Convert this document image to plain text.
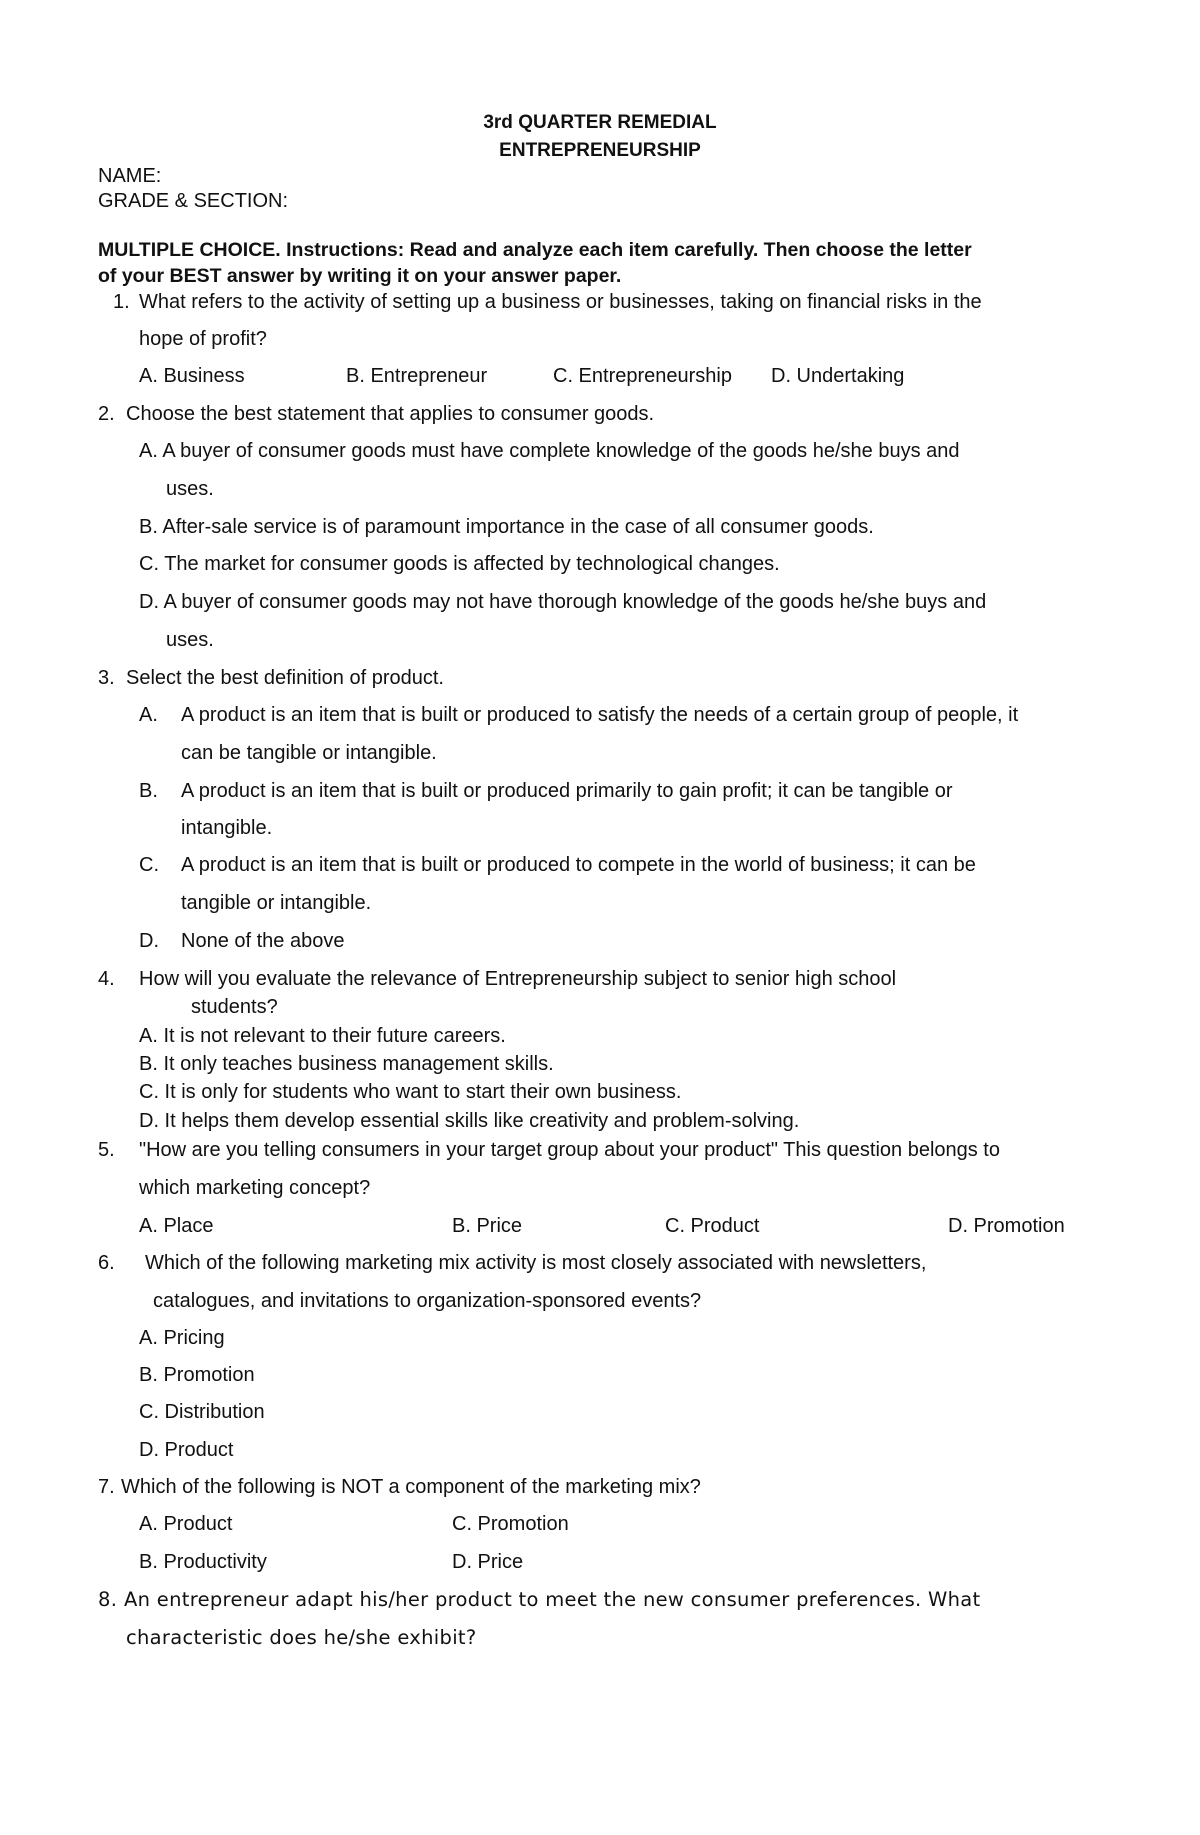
3rd QUARTER REMEDIAL
ENTREPRENEURSHIP
NAME:
GRADE & SECTION:
MULTIPLE CHOICE. Instructions: Read and analyze each item carefully. Then choose the letter
of your BEST answer by writing it on your answer paper.
1. What refers to the activity of setting up a business or businesses, taking on financial risks in the
hope of profit?
A. Business	B. Entrepreneur	C. Entrepreneurship D. Undertaking
2. Choose the best statement that applies to consumer goods.
A. A buyer of consumer goods must have complete knowledge of the goods he/she buys and
uses.
B. After-sale service is of paramount importance in the case of all consumer goods.
C. The market for consumer goods is affected by technological changes.
D. A buyer of consumer goods may not have thorough knowledge of the goods he/she buys and
uses.
3. Select the best definition of product.
A. A product is an item that is built or produced to satisfy the needs of a certain group of people, it
can be tangible or intangible.
B. A product is an item that is built or produced primarily to gain profit; it can be tangible or
intangible.
C. A product is an item that is built or produced to compete in the world of business; it can be
tangible or intangible.
D. None of the above
4. How will you evaluate the relevance of Entrepreneurship subject to senior high school
students?
A. It is not relevant to their future careers.
B. It only teaches business management skills.
C. It is only for students who want to start their own business.
D. It helps them develop essential skills like creativity and problem-solving.
5. "How are you telling consumers in your target group about your product" This question belongs to
which marketing concept?
A. Place	B. Price	C. Product	D. Promotion
6. Which of the following marketing mix activity is most closely associated with newsletters,
catalogues, and invitations to organization-sponsored events?
A. Pricing
B. Promotion
C. Distribution
D. Product
7. Which of the following is NOT a component of the marketing mix?
A. Product	C. Promotion
B. Productivity	D. Price
8. An entrepreneur adapt his/her product to meet the new consumer preferences. What
characteristic does he/she exhibit?
